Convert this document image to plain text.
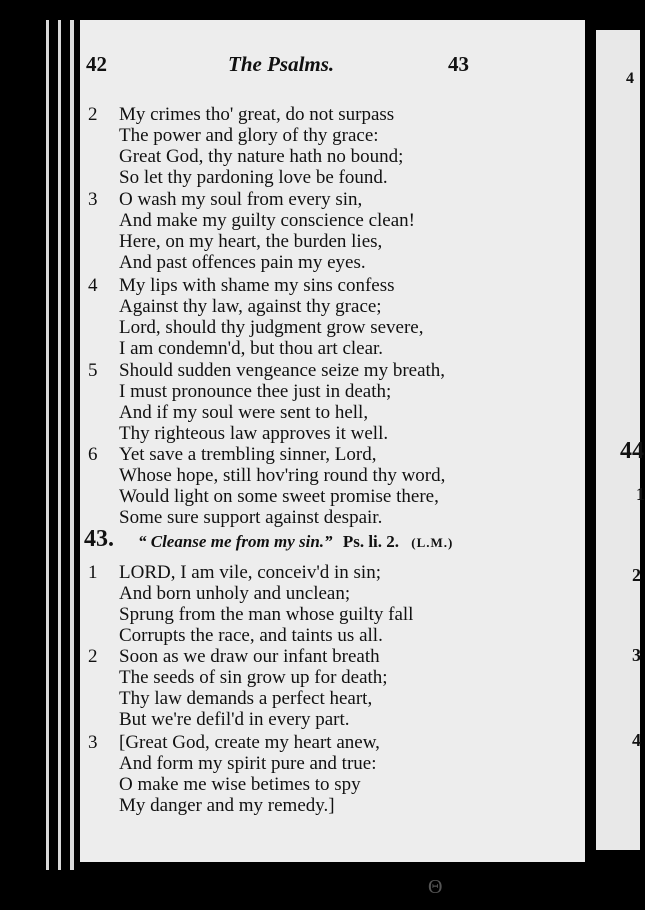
4
44
1
2
3
4
42	The Psalms.	43
2 My crimes tho' great, do not surpass
The power and glory of thy grace:
Great God, thy nature hath no bound;
So let thy pardoning love be found.
3 O wash my soul from every sin,
And make my guilty conscience clean!
Here, on my heart, the burden lies,
And past offences pain my eyes.
4 My lips with shame my sins confess
Against thy law, against thy grace;
Lord, should thy judgment grow severe,
I am condemn'd, but thou art clear.
5 Should sudden vengeance seize my breath,
I must pronounce thee just in death;
And if my soul were sent to hell,
Thy righteous law approves it well.
6 Yet save a trembling sinner, Lord,
Whose hope, still hov'ring round thy word,
Would light on some sweet promise there,
Some sure support against despair.
43. “ Cleanse me from my sin.” Ps. li. 2. (L.M.)
1 LORD, I am vile, conceiv'd in sin;
And born unholy and unclean;
Sprung from the man whose guilty fall
Corrupts the race, and taints us all.
2 Soon as we draw our infant breath
The seeds of sin grow up for death;
Thy law demands a perfect heart,
But we're defil'd in every part.
3 [Great God, create my heart anew,
And form my spirit pure and true:
O make me wise betimes to spy
My danger and my remedy.]
Θ
